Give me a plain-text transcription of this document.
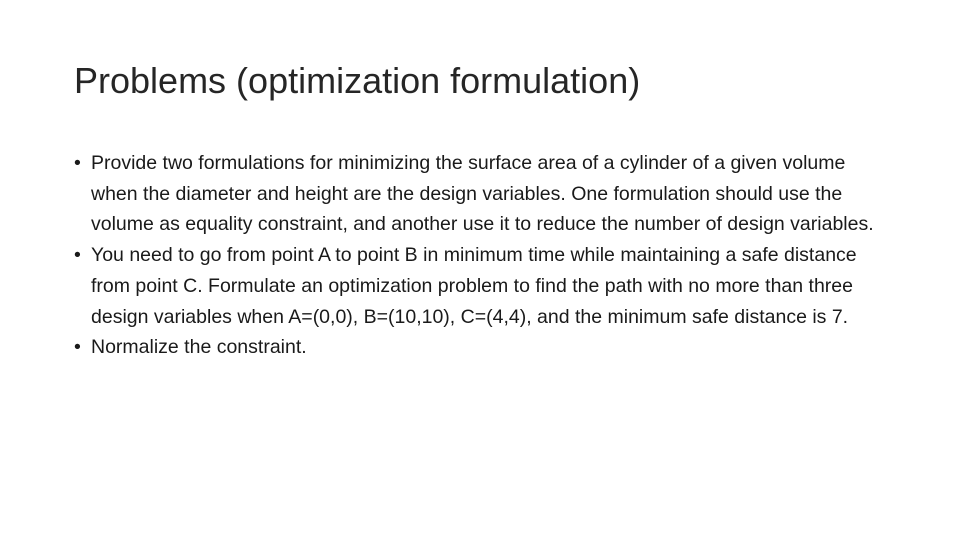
Problems (optimization formulation)
• Provide two formulations for minimizing the surface area of a cylinder of a given volume when the diameter and height are the design variables. One formulation should use the volume as equality constraint, and another use it to reduce the number of design variables.
• You need to go from point A to point B in minimum time while maintaining a safe distance from point C. Formulate an optimization problem to find the path with no more than three design variables when A=(0,0), B=(10,10), C=(4,4), and the minimum safe distance is 7.
• Normalize the constraint.
